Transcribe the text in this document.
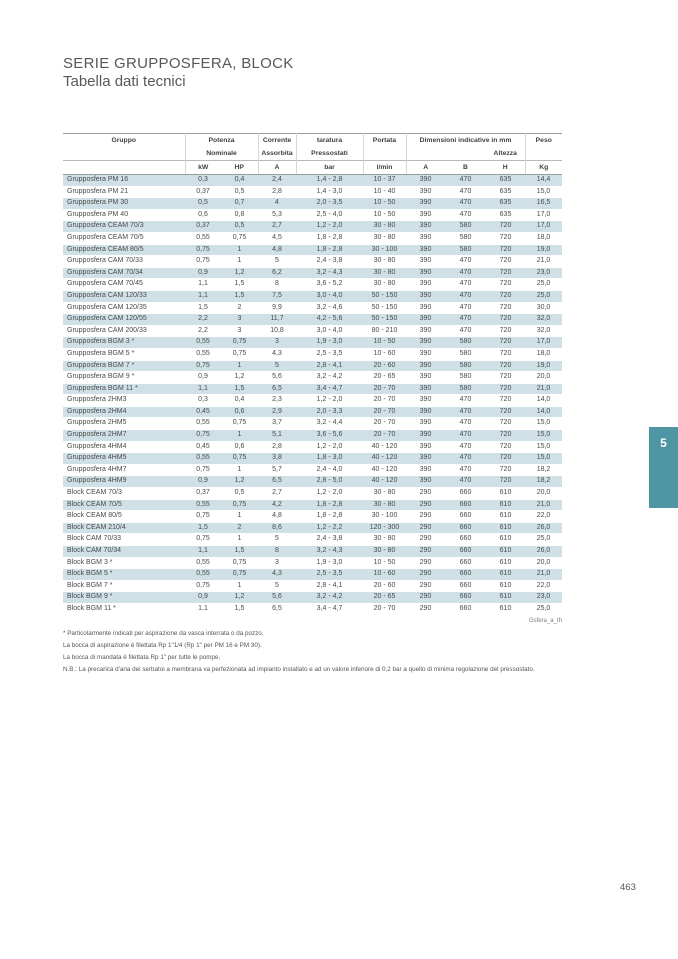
SERIE GRUPPOSFERA, BLOCK
Tabella dati tecnici
Gruppo	Potenza		Corrente	taratura	Portata	Dimensioni indicative in mm			Peso
	Nominale		Assorbita	Pressostati				Altezza	
	kW	HP	A	bar	l/min	A	B	H	Kg
Grupposfera PM 16	0,3	0,4	2,4	1,4 - 2,8	10 - 37	390	470	635	14,4
Grupposfera PM 21	0,37	0,5	2,8	1,4 - 3,0	10 - 40	390	470	635	15,0
Grupposfera PM 30	0,5	0,7	4	2,0 - 3,5	10 - 50	390	470	635	16,5
Grupposfera PM 40	0,6	0,8	5,3	2,5 - 4,0	10 - 50	390	470	635	17,0
Grupposfera CEAM 70/3	0,37	0,5	2,7	1,2 - 2,0	30 - 80	390	580	720	17,0
Grupposfera CEAM 70/5	0,55	0,75	4,5	1,8 - 2,8	30 - 80	390	580	720	18,0
Grupposfera CEAM 80/5	0,75	1	4,8	1,8 - 2,8	30 - 100	390	580	720	19,0
Grupposfera CAM 70/33	0,75	1	5	2,4 - 3,8	30 - 80	390	470	720	21,0
Grupposfera CAM 70/34	0,9	1,2	6,2	3,2 - 4,3	30 - 80	390	470	720	23,0
Grupposfera CAM 70/45	1,1	1,5	8	3,6 - 5,2	30 - 80	390	470	720	25,0
Grupposfera CAM 120/33	1,1	1,5	7,5	3,0 - 4,0	50 - 150	390	470	720	25,0
Grupposfera CAM 120/35	1,5	2	9,9	3,2 - 4,6	50 - 150	390	470	720	30,0
Grupposfera CAM 120/55	2,2	3	11,7	4,2 - 5,6	50 - 150	390	470	720	32,0
Grupposfera CAM 200/33	2,2	3	10,8	3,0 - 4,0	80 - 210	390	470	720	32,0
Grupposfera BGM 3 *	0,55	0,75	3	1,9 - 3,0	10 - 50	390	580	720	17,0
Grupposfera BGM 5 *	0,55	0,75	4,3	2,5 - 3,5	10 - 60	390	580	720	18,0
Grupposfera BGM 7 *	0,75	1	5	2,8 - 4,1	20 - 60	390	580	720	19,0
Grupposfera BGM 9 *	0,9	1,2	5,6	3,2 - 4,2	20 - 65	390	580	720	20,0
Grupposfera BGM 11 *	1,1	1,5	6,5	3,4 - 4,7	20 - 70	390	580	720	21,0
Grupposfera 2HM3	0,3	0,4	2,3	1,2 - 2,0	20 - 70	390	470	720	14,0
Grupposfera 2HM4	0,45	0,6	2,9	2,0 - 3,3	20 - 70	390	470	720	14,0
Grupposfera 2HM5	0,55	0,75	3,7	3,2 - 4,4	20 - 70	390	470	720	15,0
Grupposfera 2HM7	0,75	1	5,1	3,6 - 5,6	20 - 70	390	470	720	15,0
Grupposfera 4HM4	0,45	0,6	2,8	1,2 - 2,0	40 - 120	390	470	720	15,0
Grupposfera 4HM5	0,55	0,75	3,8	1,8 - 3,0	40 - 120	390	470	720	15,0
Grupposfera 4HM7	0,75	1	5,7	2,4 - 4,0	40 - 120	390	470	720	18,2
Grupposfera 4HM9	0,9	1,2	6,5	2,8 - 5,0	40 - 120	390	470	720	18,2
Block CEAM 70/3	0,37	0,5	2,7	1,2 - 2,0	30 - 80	290	660	610	20,0
Block CEAM 70/5	0,55	0,75	4,2	1,8 - 2,8	30 - 80	290	660	610	21,0
Block CEAM 80/5	0,75	1	4,8	1,8 - 2,8	30 - 100	290	660	610	22,0
Block CEAM 210/4	1,5	2	8,6	1,2 - 2,2	120 - 300	290	660	610	26,0
Block CAM 70/33	0,75	1	5	2,4 - 3,8	30 - 80	290	660	610	25,0
Block CAM 70/34	1,1	1,5	8	3,2 - 4,3	30 - 80	290	660	610	26,0
Block BGM 3 *	0,55	0,75	3	1,9 - 3,0	10 - 50	290	660	610	20,0
Block BGM 5 *	0,55	0,75	4,3	2,5 - 3,5	10 - 60	290	660	610	21,0
Block BGM 7 *	0,75	1	5	2,8 - 4,1	20 - 60	290	660	610	22,0
Block BGM 9 *	0,9	1,2	5,6	3,2 - 4,2	20 - 65	290	660	610	23,0
Block BGM 11 *	1,1	1,5	6,5	3,4 - 4,7	20 - 70	290	660	610	25,0
Gsfera_a_th
* Particolarmente indicati per aspirazione da vasca interrata o da pozzo.
La bocca di aspirazione è filettata Rp 1"1/4 (Rp 1" per PM 16 e PM 30).
La bocca di mandata è filettata Rp 1" per tutte le pompe.
N.B.: La precarica d'aria dei serbatoi a membrana va perfezionata ad impianto installato e ad un valore inferiore di 0,2 bar a quello di minima regolazione del pressostato.
5
463
